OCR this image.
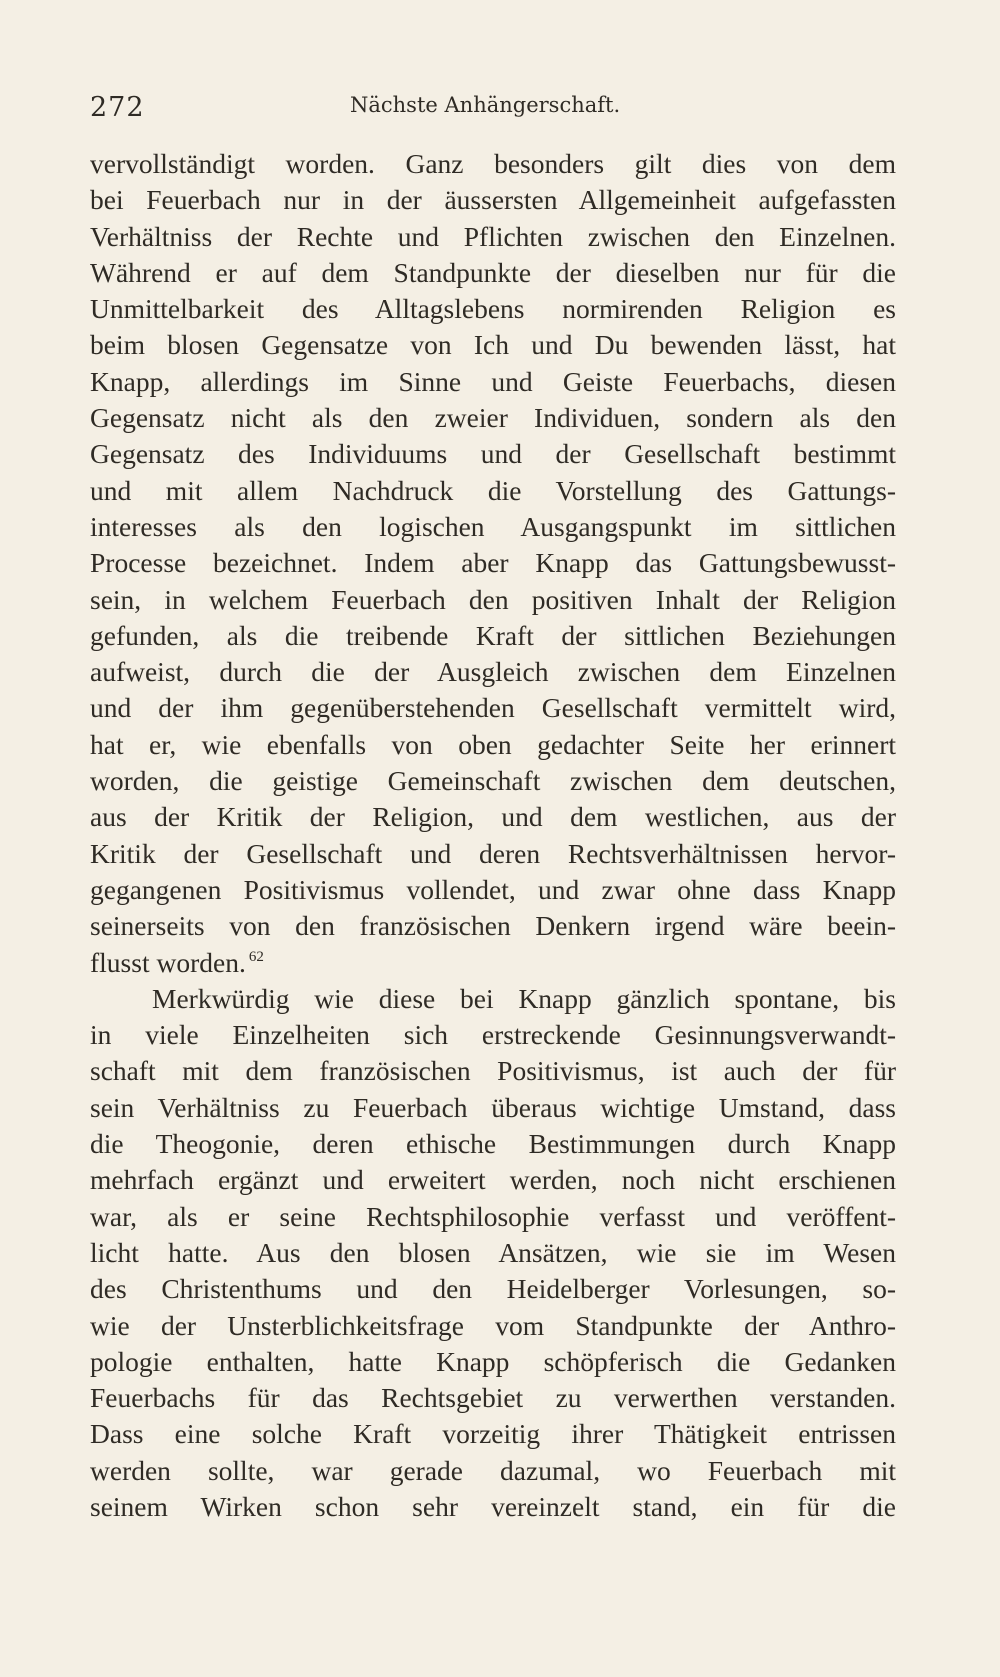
272	Nächste Anhängerschaft.
vervollständigt worden. Ganz besonders gilt dies von dem
bei Feuerbach nur in der äussersten Allgemeinheit aufgefassten
Verhältniss der Rechte und Pflichten zwischen den Einzelnen.
Während er auf dem Standpunkte der dieselben nur für die
Unmittelbarkeit des Alltagslebens normirenden Religion es
beim blosen Gegensatze von Ich und Du bewenden lässt, hat
Knapp, allerdings im Sinne und Geiste Feuerbachs, diesen
Gegensatz nicht als den zweier Individuen, sondern als den
Gegensatz des Individuums und der Gesellschaft bestimmt
und mit allem Nachdruck die Vorstellung des Gattungs-
interesses als den logischen Ausgangspunkt im sittlichen
Processe bezeichnet. Indem aber Knapp das Gattungsbewusst-
sein, in welchem Feuerbach den positiven Inhalt der Religion
gefunden, als die treibende Kraft der sittlichen Beziehungen
aufweist, durch die der Ausgleich zwischen dem Einzelnen
und der ihm gegenüberstehenden Gesellschaft vermittelt wird,
hat er, wie ebenfalls von oben gedachter Seite her erinnert
worden, die geistige Gemeinschaft zwischen dem deutschen,
aus der Kritik der Religion, und dem westlichen, aus der
Kritik der Gesellschaft und deren Rechtsverhältnissen hervor-
gegangenen Positivismus vollendet, und zwar ohne dass Knapp
seinerseits von den französischen Denkern irgend wäre beein-
flusst worden. $^{62}$
Merkwürdig wie diese bei Knapp gänzlich spontane, bis
in viele Einzelheiten sich erstreckende Gesinnungsverwandt-
schaft mit dem französischen Positivismus, ist auch der für
sein Verhältniss zu Feuerbach überaus wichtige Umstand, dass
die Theogonie, deren ethische Bestimmungen durch Knapp
mehrfach ergänzt und erweitert werden, noch nicht erschienen
war, als er seine Rechtsphilosophie verfasst und veröffent-
licht hatte. Aus den blosen Ansätzen, wie sie im Wesen
des Christenthums und den Heidelberger Vorlesungen, so-
wie der Unsterblichkeitsfrage vom Standpunkte der Anthro-
pologie enthalten, hatte Knapp schöpferisch die Gedanken
Feuerbachs für das Rechtsgebiet zu verwerthen verstanden.
Dass eine solche Kraft vorzeitig ihrer Thätigkeit entrissen
werden sollte, war gerade dazumal, wo Feuerbach mit
seinem Wirken schon sehr vereinzelt stand, ein für die
